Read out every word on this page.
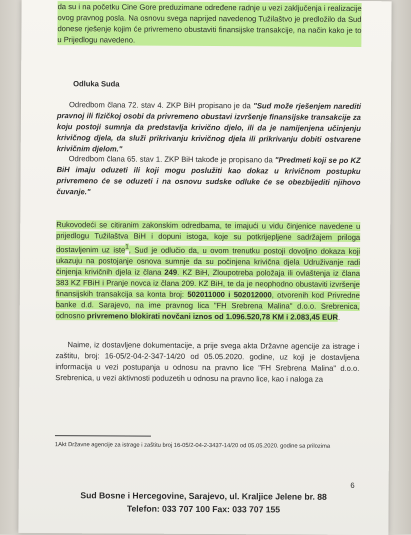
da su i na početku Cine Gore preduzimane određene radnje u vezi zaključenja i realizacije ovog pravnog posla. Na osnovu svega naprijed navedenog Tužilaštvo je predložilo da Sud donese rješenje kojim će privremeno obustaviti finansijske transakcije, na način kako je to u Prijedlogu navedeno.

Odluka Suda

Odredbom člana 72. stav 4. ZKP BiH propisano je da "Sud može rješenjem narediti pravnoj ili fizičkoj osobi da privremeno obustavi izvršenje finansijske transakcije za koju postoji sumnja da predstavlja krivično djelo, ili da je namijenjena učinjenju krivičnog djela, da služi prikrivanju krivičnog djela ili prikrivanju dobiti ostvarene krivičnim djelom."

Odredbom člana 65. stav 1. ZKP BiH takođe je propisano da "Predmeti koji se po KZ BiH imaju oduzeti ili koji mogu poslužiti kao dokaz u krivičnom postupku privremeno će se oduzeti i na osnovu sudske odluke će se obezbijediti njihovo čuvanje."

Rukovodeći se citiranim zakonskim odredbama, te imajući u vidu činjenice navedene u prijedlogu Tužilaštva BiH i dopuni istoga, koje su potkrijepljene sadržajem priloga dostavljenim uz iste$^1$, Sud je odlučio da, u ovom trenutku postoji dovoljno dokaza koji ukazuju na postojanje osnova sumnje da su počinjena krivična djela Udruživanje radi činjenja krivičnih djela iz člana 249. KZ BiH, Zloupotreba položaja ili ovlaštenja iz člana 383 KZ FBiH i Pranje novca iz člana 209. KZ BiH, te da je neophodno obustaviti izvršenje finansijskih transakcija sa konta broj: 502011000 i 502012000, otvorenih kod Privredne banke d.d. Sarajevo, na ime pravnog lica "FH Srebrena Malina" d.o.o. Srebrenica, odnosno privremeno blokirati novčani iznos od 1.096.520,78 KM i 2.083,45 EUR.

Naime, iz dostavljene dokumentacije, a prije svega akta Državne agencije za istrage i zaštitu, broj: 16-05/2-04-2-347-14/20 od 05.05.2020. godine, uz koji je dostavljena informacija u vezi postupanja u odnosu na pravno lice "FH Srebrena Malina" d.o.o. Srebrenica, u vezi aktivnosti poduzetih u odnosu na pravno lice, kao i naloga za

1Akt Državne agencije za istrage i zaštitu broj 16-05/2-04-2-3437-14/20 od 05.05.2020. godine sa prilozima
6
Sud Bosne i Hercegovine, Sarajevo, ul. Kraljice Jelene br. 88
Telefon: 033 707 100 Fax: 033 707 155
